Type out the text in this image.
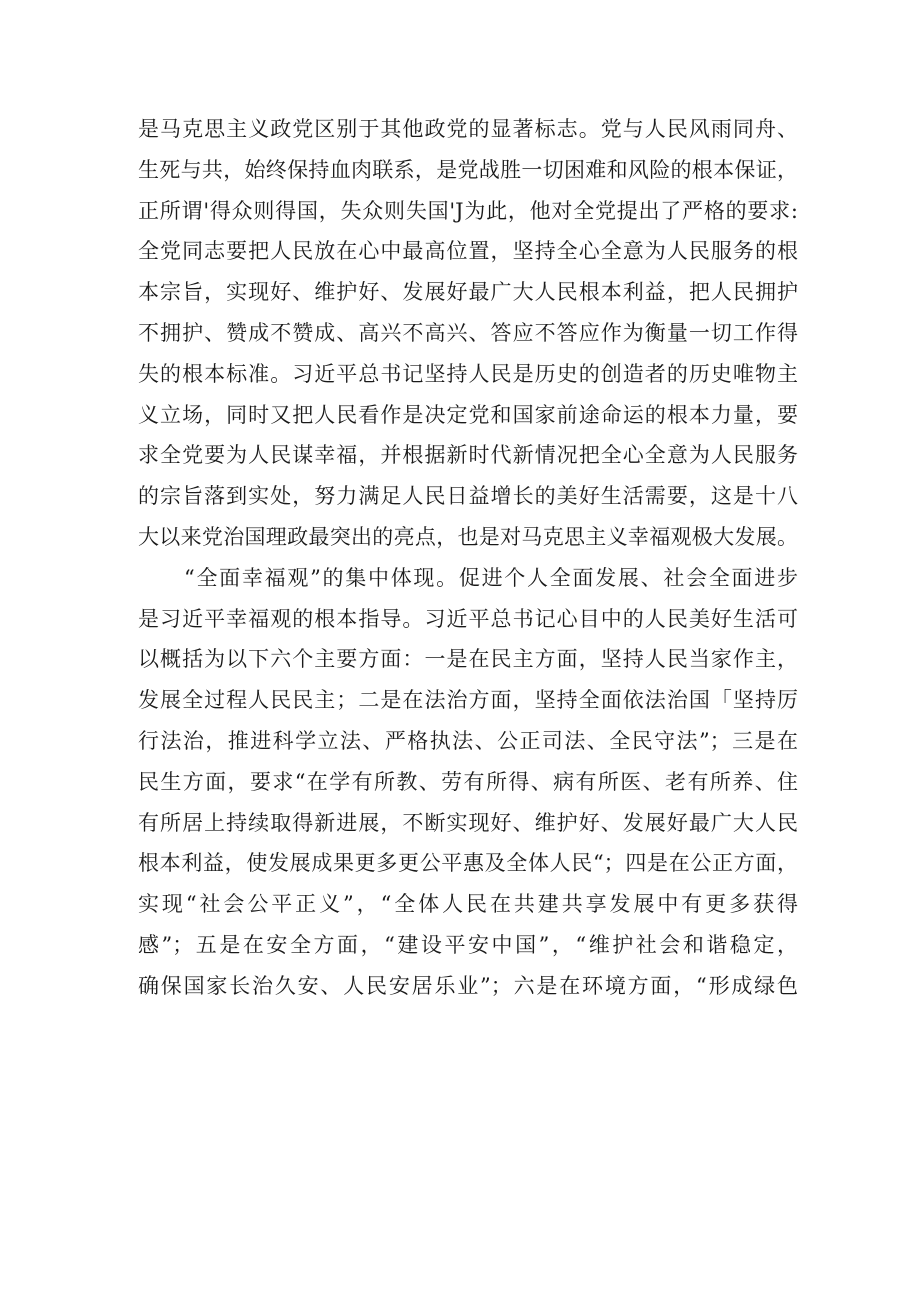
是马克思主义政党区别于其他政党的显著标志。党与人民风雨同舟、
生死与共，始终保持血肉联系，是党战胜一切困难和风险的根本保证，
正所谓'得众则得国，失众则失国'J为此，他对全党提出了严格的要求:
全党同志要把人民放在心中最高位置，坚持全心全意为人民服务的根
本宗旨，实现好、维护好、发展好最广大人民根本利益，把人民拥护
不拥护、赞成不赞成、高兴不高兴、答应不答应作为衡量一切工作得
失的根本标准。习近平总书记坚持人民是历史的创造者的历史唯物主
义立场，同时又把人民看作是决定党和国家前途命运的根本力量，要
求全党要为人民谋幸福，并根据新时代新情况把全心全意为人民服务
的宗旨落到实处，努力满足人民日益增长的美好生活需要，这是十八
大以来党治国理政最突出的亮点，也是对马克思主义幸福观极大发展。
“全面幸福观”的集中体现。促进个人全面发展、社会全面进步
是习近平幸福观的根本指导。习近平总书记心目中的人民美好生活可
以概括为以下六个主要方面：一是在民主方面，坚持人民当家作主，
发展全过程人民民主；二是在法治方面，坚持全面依法治国「坚持厉
行法治，推进科学立法、严格执法、公正司法、全民守法”；三是在
民生方面，要求“在学有所教、劳有所得、病有所医、老有所养、住
有所居上持续取得新进展，不断实现好、维护好、发展好最广大人民
根本利益，使发展成果更多更公平惠及全体人民“；四是在公正方面，
实现“社会公平正义”，“全体人民在共建共享发展中有更多获得
感”；五是在安全方面，“建设平安中国”，“维护社会和谐稳定，
确保国家长治久安、人民安居乐业”；六是在环境方面，“形成绿色
